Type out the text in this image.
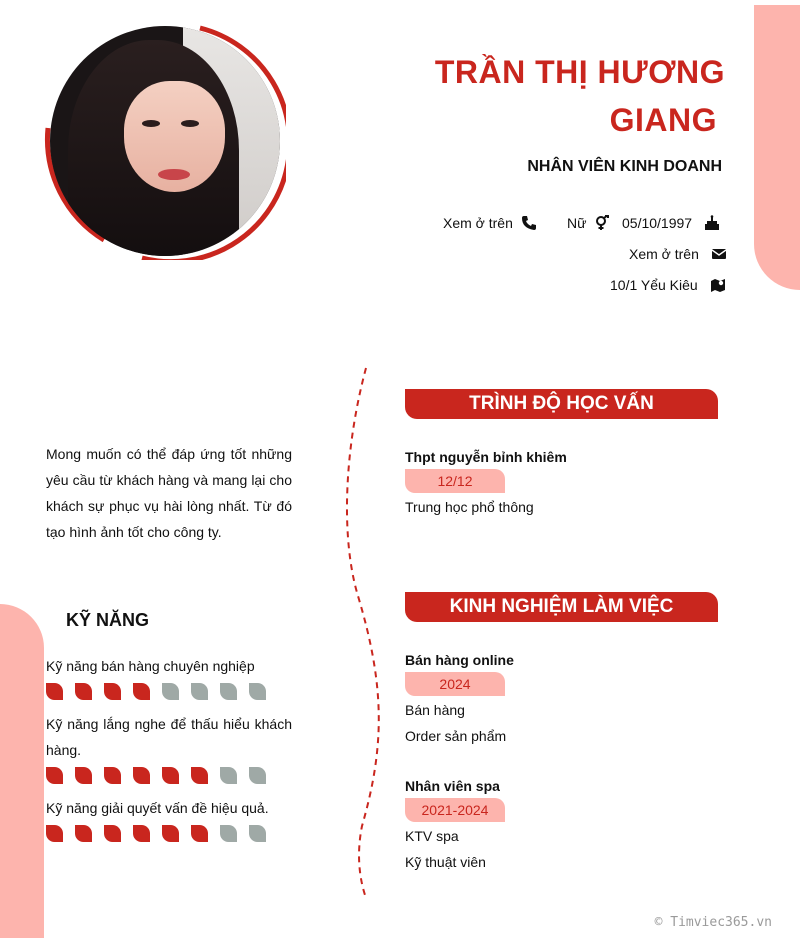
TRẦN THỊ HƯƠNG
GIANG
NHÂN VIÊN KINH DOANH
Xem ở trên	Nữ	05/10/1997
Xem ở trên
10/1 Yểu Kiêu
Mong muốn có thể đáp ứng tốt những yêu cầu từ khách hàng và mang lại cho khách sự phục vụ hài lòng nhất. Từ đó tạo hình ảnh tốt cho công ty.
KỸ NĂNG
Kỹ năng bán hàng chuyên nghiệp
Kỹ năng lắng nghe để thấu hiểu khách hàng.
Kỹ năng giải quyết vấn đề hiệu quả.
TRÌNH ĐỘ HỌC VẤN
Thpt nguyễn bỉnh khiêm
12/12
Trung học phổ thông
KINH NGHIỆM LÀM VIỆC
Bán hàng online
2024
Bán hàng
Order sản phẩm
Nhân viên spa
2021-2024
KTV spa
Kỹ thuật viên
© Timviec365.vn
